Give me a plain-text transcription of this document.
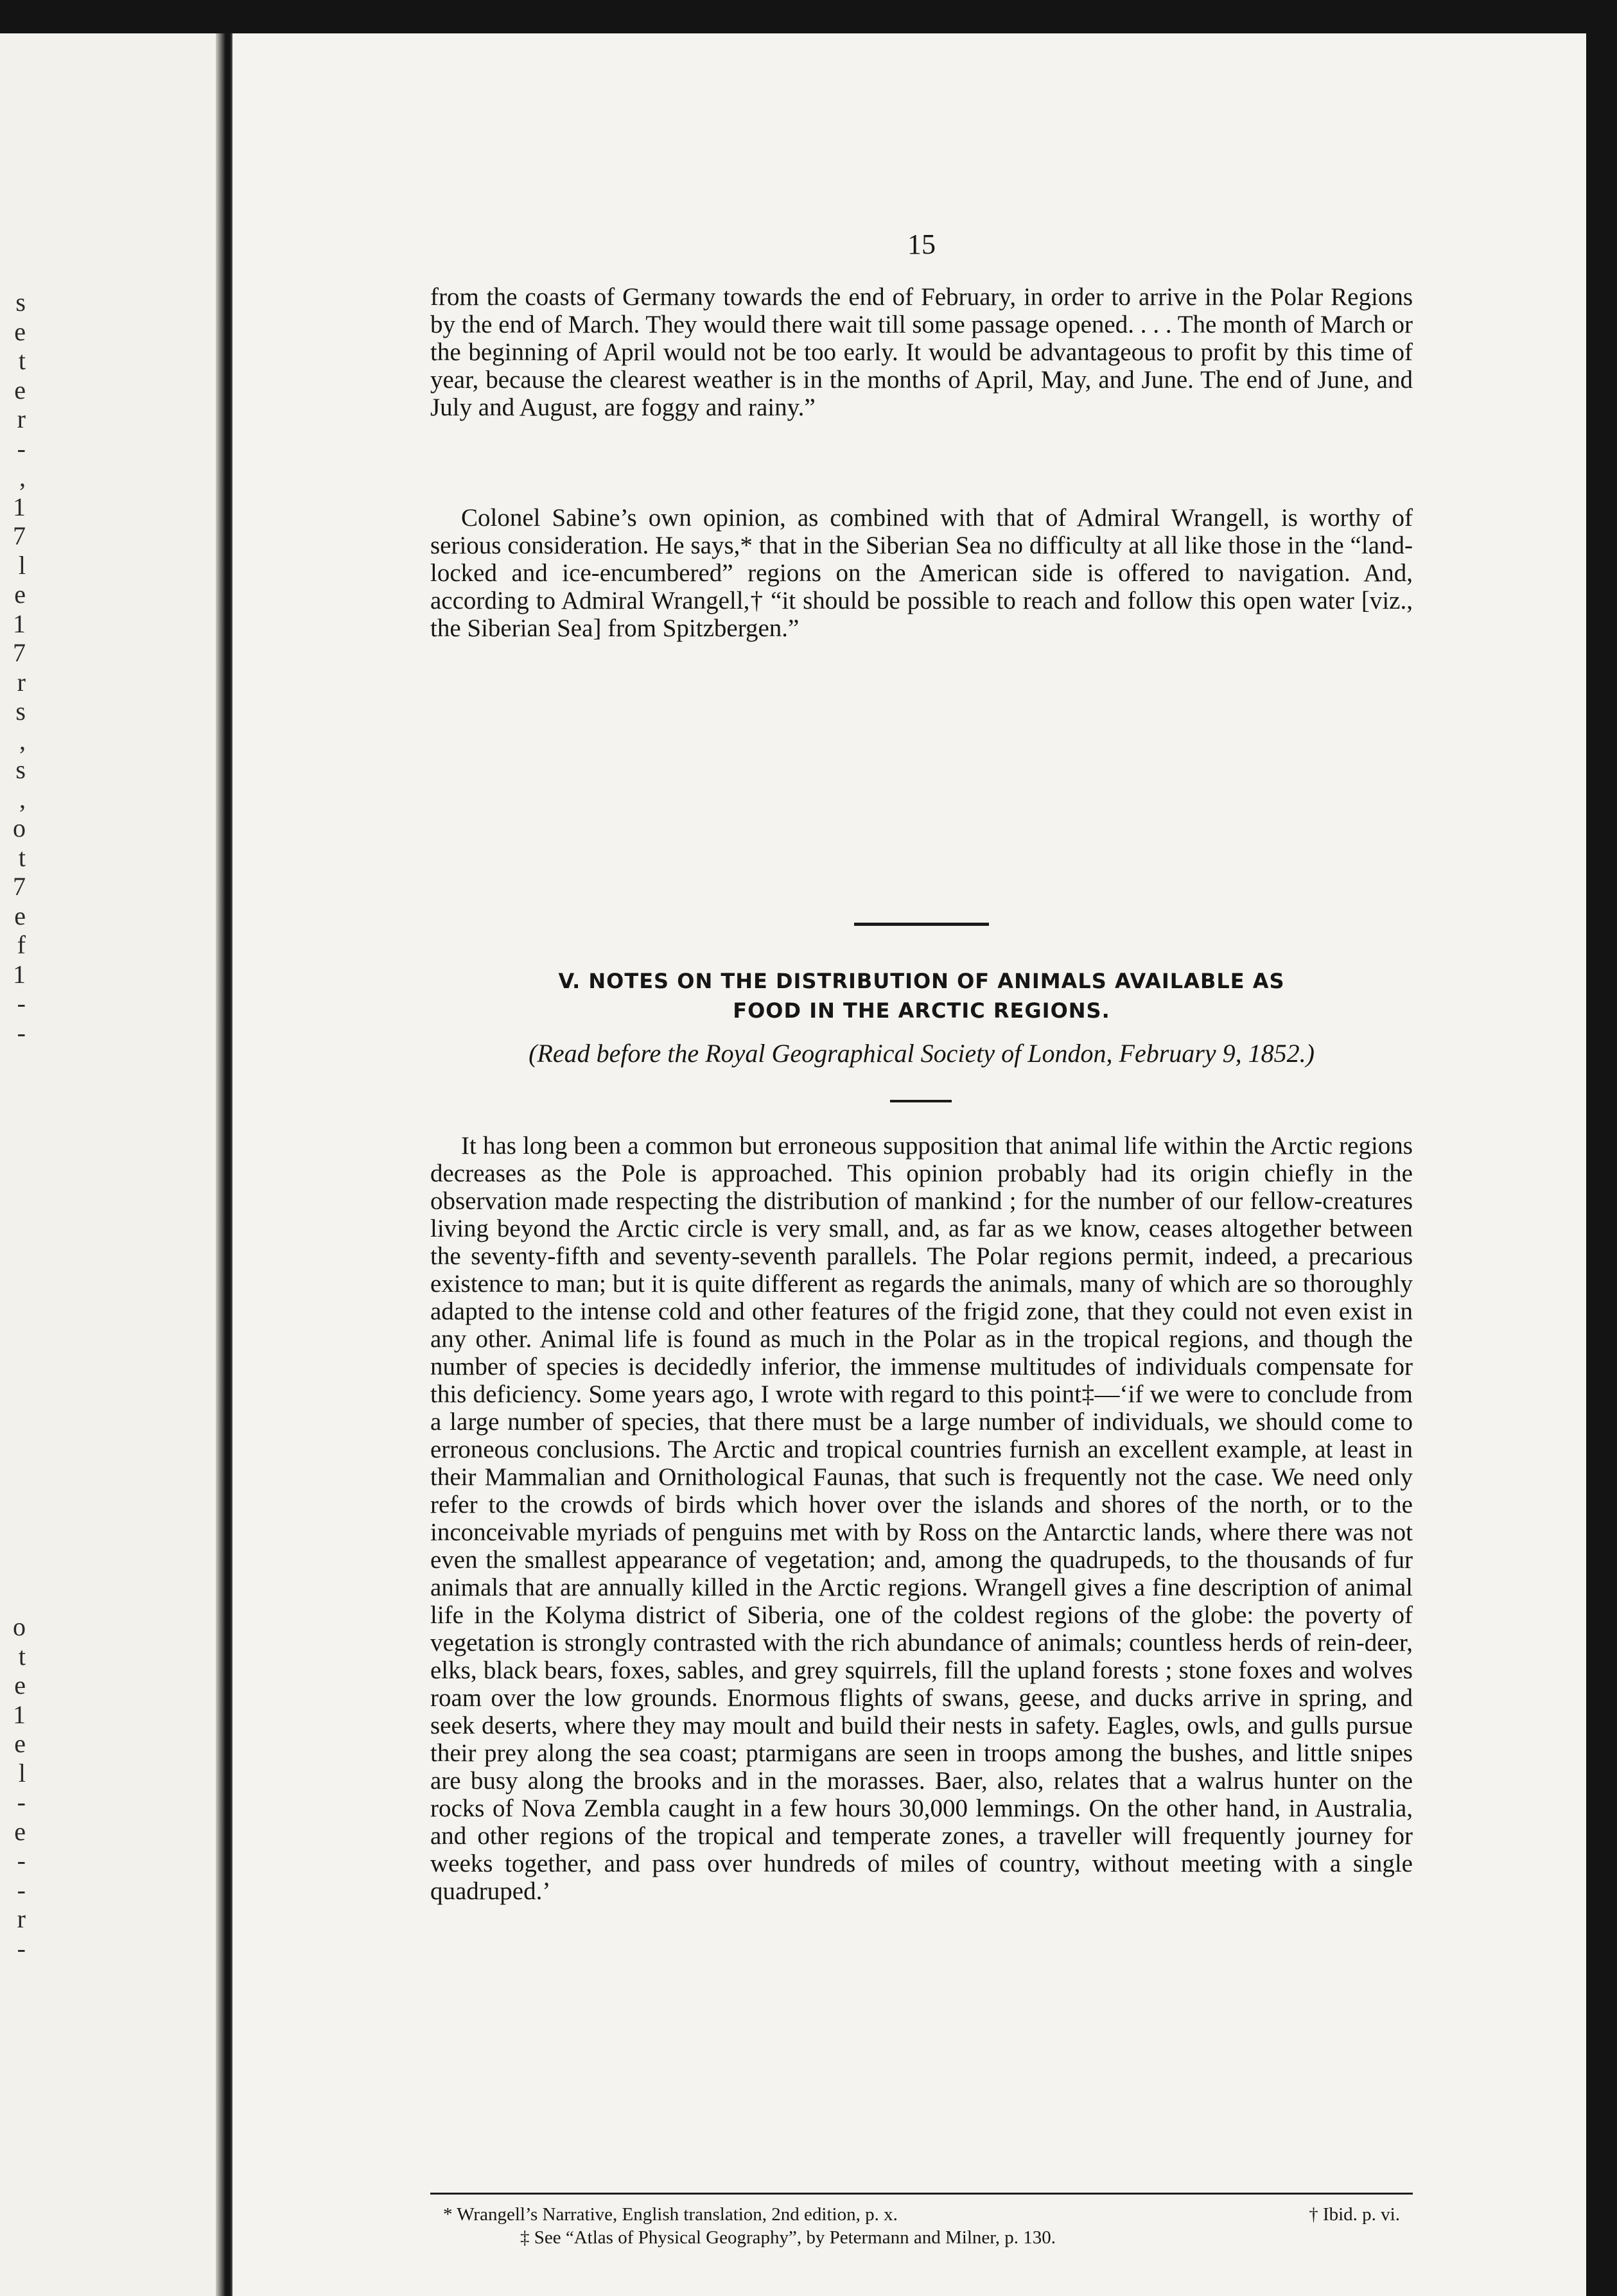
s
e
t
e
r
-
,
1
7
l
e
1
7
r
s
,
s
,
o
t
7
e
f
1
-
-
o
t
e
1
e
l
-
e
-
-
r
-
15

from the coasts of Germany towards the end of February, in order to arrive in the Polar Regions by the end of March. They would there wait till some passage opened. . . . The month of March or the beginning of April would not be too early. It would be advantageous to profit by this time of year, because the clearest weather is in the months of April, May, and June. The end of June, and July and August, are foggy and rainy.”

Colonel Sabine’s own opinion, as combined with that of Admiral Wrangell, is worthy of serious consideration. He says,* that in the Siberian Sea no difficulty at all like those in the “land-locked and ice-encumbered” regions on the American side is offered to navigation. And, according to Admiral Wrangell,† “it should be possible to reach and follow this open water [viz., the Siberian Sea] from Spitzbergen.”

V. NOTES ON THE DISTRIBUTION OF ANIMALS AVAILABLE AS
FOOD IN THE ARCTIC REGIONS.
(Read before the Royal Geographical Society of London, February 9, 1852.)

It has long been a common but erroneous supposition that animal life within the Arctic regions decreases as the Pole is approached. This opinion probably had its origin chiefly in the observation made respecting the distribution of mankind ; for the number of our fellow-creatures living beyond the Arctic circle is very small, and, as far as we know, ceases altogether between the seventy-fifth and seventy-seventh parallels. The Polar regions permit, indeed, a precarious existence to man; but it is quite different as regards the animals, many of which are so thoroughly adapted to the intense cold and other features of the frigid zone, that they could not even exist in any other. Animal life is found as much in the Polar as in the tropical regions, and though the number of species is decidedly inferior, the immense multitudes of individuals compensate for this deficiency. Some years ago, I wrote with regard to this point‡—‘if we were to conclude from a large number of species, that there must be a large number of individuals, we should come to erroneous conclusions. The Arctic and tropical countries furnish an excellent example, at least in their Mammalian and Ornithological Faunas, that such is frequently not the case. We need only refer to the crowds of birds which hover over the islands and shores of the north, or to the inconceivable myriads of penguins met with by Ross on the Antarctic lands, where there was not even the smallest appearance of vegetation; and, among the quadrupeds, to the thousands of fur animals that are annually killed in the Arctic regions. Wrangell gives a fine description of animal life in the Kolyma district of Siberia, one of the coldest regions of the globe: the poverty of vegetation is strongly contrasted with the rich abundance of animals; countless herds of rein-deer, elks, black bears, foxes, sables, and grey squirrels, fill the upland forests ; stone foxes and wolves roam over the low grounds. Enormous flights of swans, geese, and ducks arrive in spring, and seek deserts, where they may moult and build their nests in safety. Eagles, owls, and gulls pursue their prey along the sea coast; ptarmigans are seen in troops among the bushes, and little snipes are busy along the brooks and in the morasses. Baer, also, relates that a walrus hunter on the rocks of Nova Zembla caught in a few hours 30,000 lemmings. On the other hand, in Australia, and other regions of the tropical and temperate zones, a traveller will frequently journey for weeks together, and pass over hundreds of miles of country, without meeting with a single quadruped.’

* Wrangell’s Narrative, English translation, 2nd edition, p. x.	† Ibid. p. vi.
‡ See “Atlas of Physical Geography”, by Petermann and Milner, p. 130.
